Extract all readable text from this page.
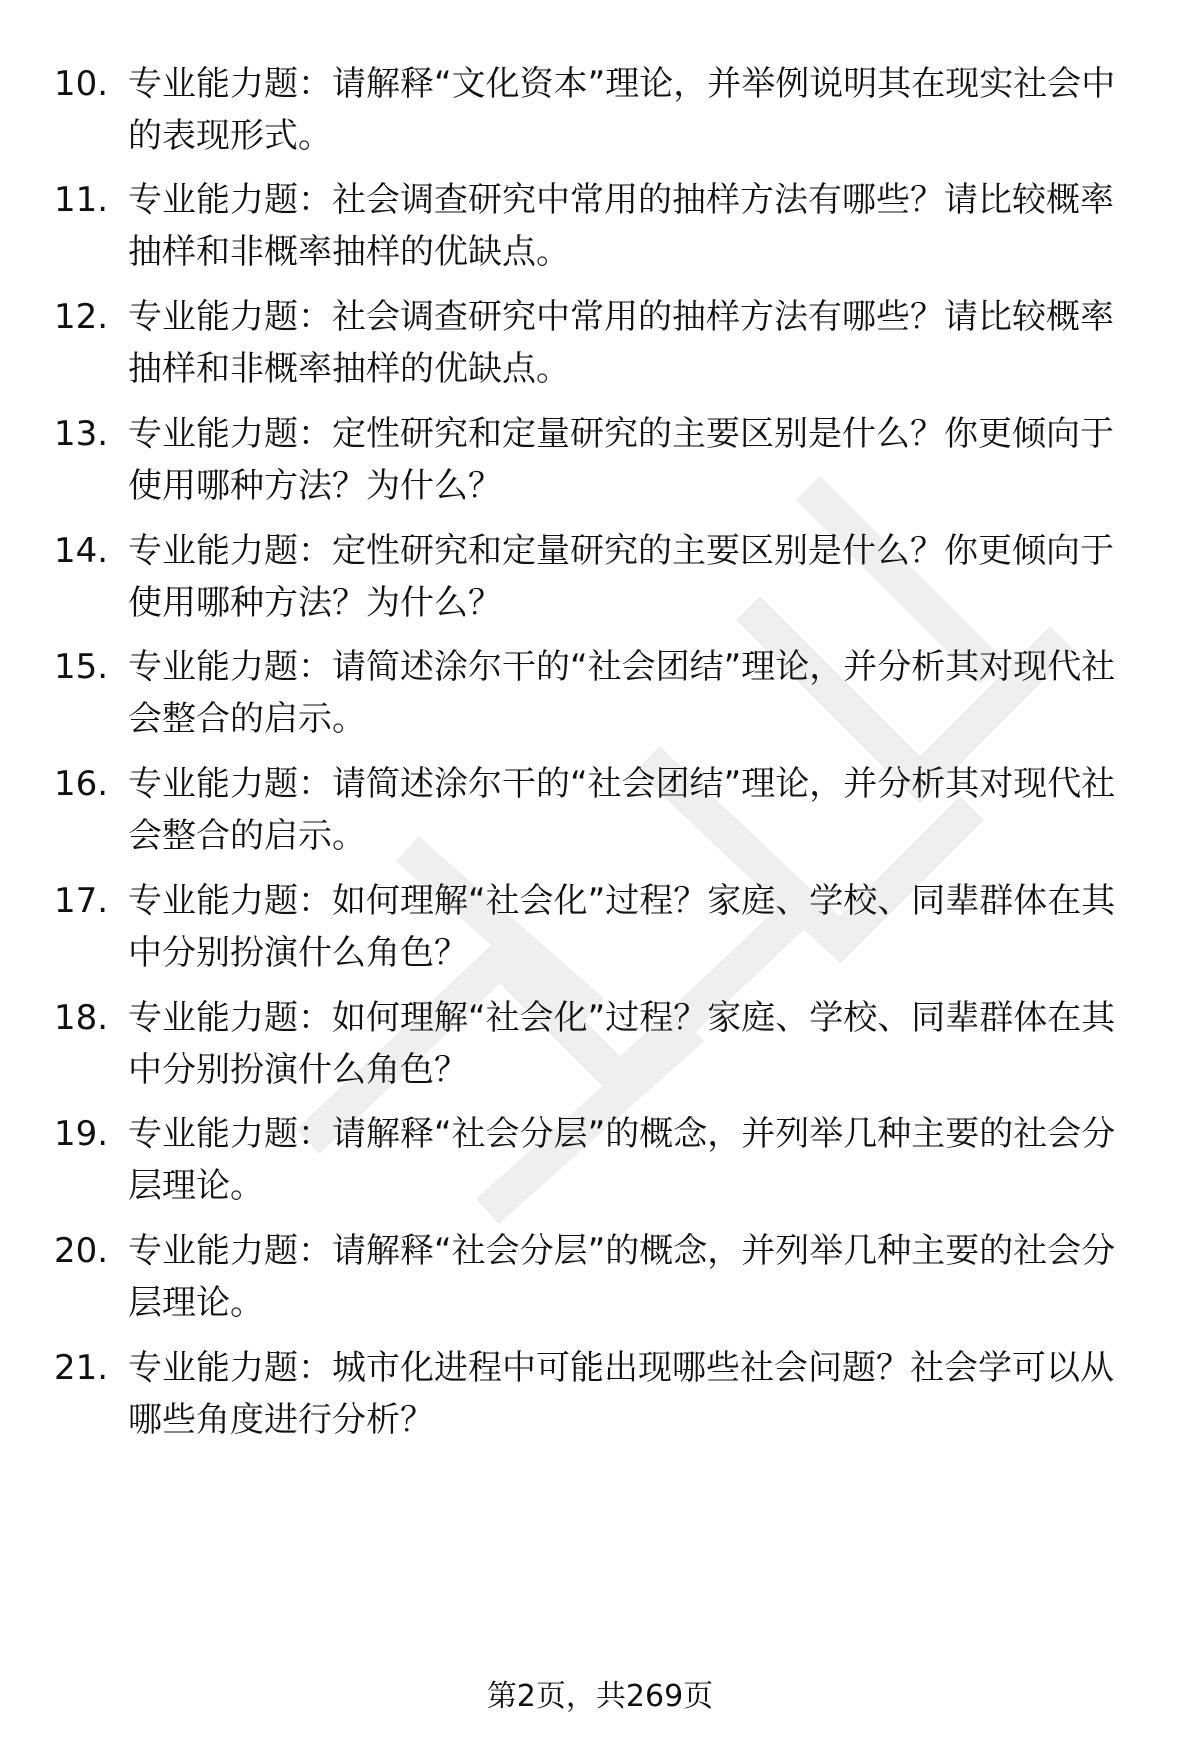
10. 专业能力题：请解释“文化资本”理论，并举例说明其在现实社会中的表现形式。
11. 专业能力题：社会调查研究中常用的抽样方法有哪些？请比较概率抽样和非概率抽样的优缺点。
12. 专业能力题：社会调查研究中常用的抽样方法有哪些？请比较概率抽样和非概率抽样的优缺点。
13. 专业能力题：定性研究和定量研究的主要区别是什么？你更倾向于使用哪种方法？为什么？
14. 专业能力题：定性研究和定量研究的主要区别是什么？你更倾向于使用哪种方法？为什么？
15. 专业能力题：请简述涂尔干的“社会团结”理论，并分析其对现代社会整合的启示。
16. 专业能力题：请简述涂尔干的“社会团结”理论，并分析其对现代社会整合的启示。
17. 专业能力题：如何理解“社会化”过程？家庭、学校、同辈群体在其中分别扮演什么角色？
18. 专业能力题：如何理解“社会化”过程？家庭、学校、同辈群体在其中分别扮演什么角色？
19. 专业能力题：请解释“社会分层”的概念，并列举几种主要的社会分层理论。
20. 专业能力题：请解释“社会分层”的概念，并列举几种主要的社会分层理论。
21. 专业能力题：城市化进程中可能出现哪些社会问题？社会学可以从哪些角度进行分析？
第2页，共269页
